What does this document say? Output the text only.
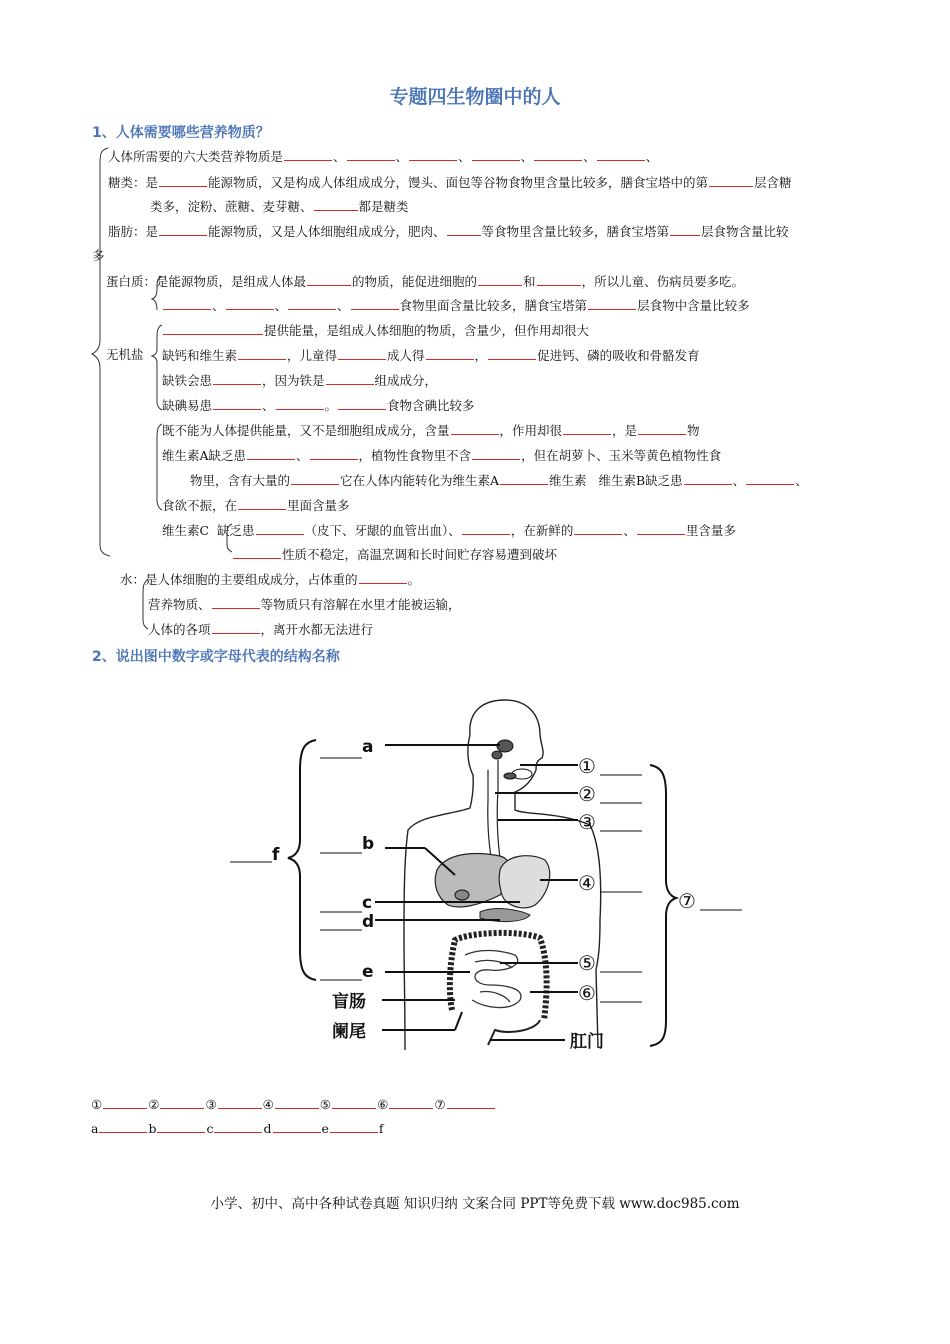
专题四生物圈中的人
1、人体需要哪些营养物质？
人体所需要的六大类营养物质是	、	、	、	、	、	、
糖类：是	能源物质，又是构成人体组成成分，馒头、面包等谷物食物里含量比较多，膳食宝塔中的第	层含糖
类多，淀粉、蔗糖、麦芽糖、	都是糖类
脂肪：是	能源物质，又是人体细胞组成成分，肥肉、	等食物里含量比较多，膳食宝塔第	层食物含量比较
多
蛋白质：是能源物质，是组成人体最	的物质，能促进细胞的	和	，所以儿童、伤病员要多吃。
、	、	、	食物里面含量比较多，膳食宝塔第	层食物中含量比较多
提供能量，是组成人体细胞的物质，含量少，但作用却很大
无机盐 缺钙和维生素	，儿童得	成人得	，	促进钙、磷的吸收和骨骼发育
缺铁会患	，因为铁是	组成成分，
缺碘易患	、	。	食物含碘比较多
既不能为人体提供能量，又不是细胞组成成分，含量	，作用却很	，是	物
维生素A缺乏患	、	，植物性食物里不含	，但在胡萝卜、玉米等黄色植物性食
物里，含有大量的	它在人体内能转化为维生素A	维生素 维生素B缺乏患	、	、
食欲不振，在	里面含量多
维生素C 缺乏患	（皮下、牙龈的血管出血）、	，在新鲜的	、	里含量多
性质不稳定，高温烹调和长时间贮存容易遭到破坏
水：是人体细胞的主要组成成分，占体重的	。
营养物质、	等物质只有溶解在水里才能被运输，
人体的各项	，离开水都无法进行
2、说出图中数字或字母代表的结构名称
a
b
c
d
e
f
①
②
③
④
⑤
⑥
⑦
盲肠
阑尾	肛门
①	②	③	④	⑤	⑥	⑦
a	b	c	d	e	f
小学、初中、高中各种试卷真题 知识归纳 文案合同 PPT等免费下载 www.doc985.com
